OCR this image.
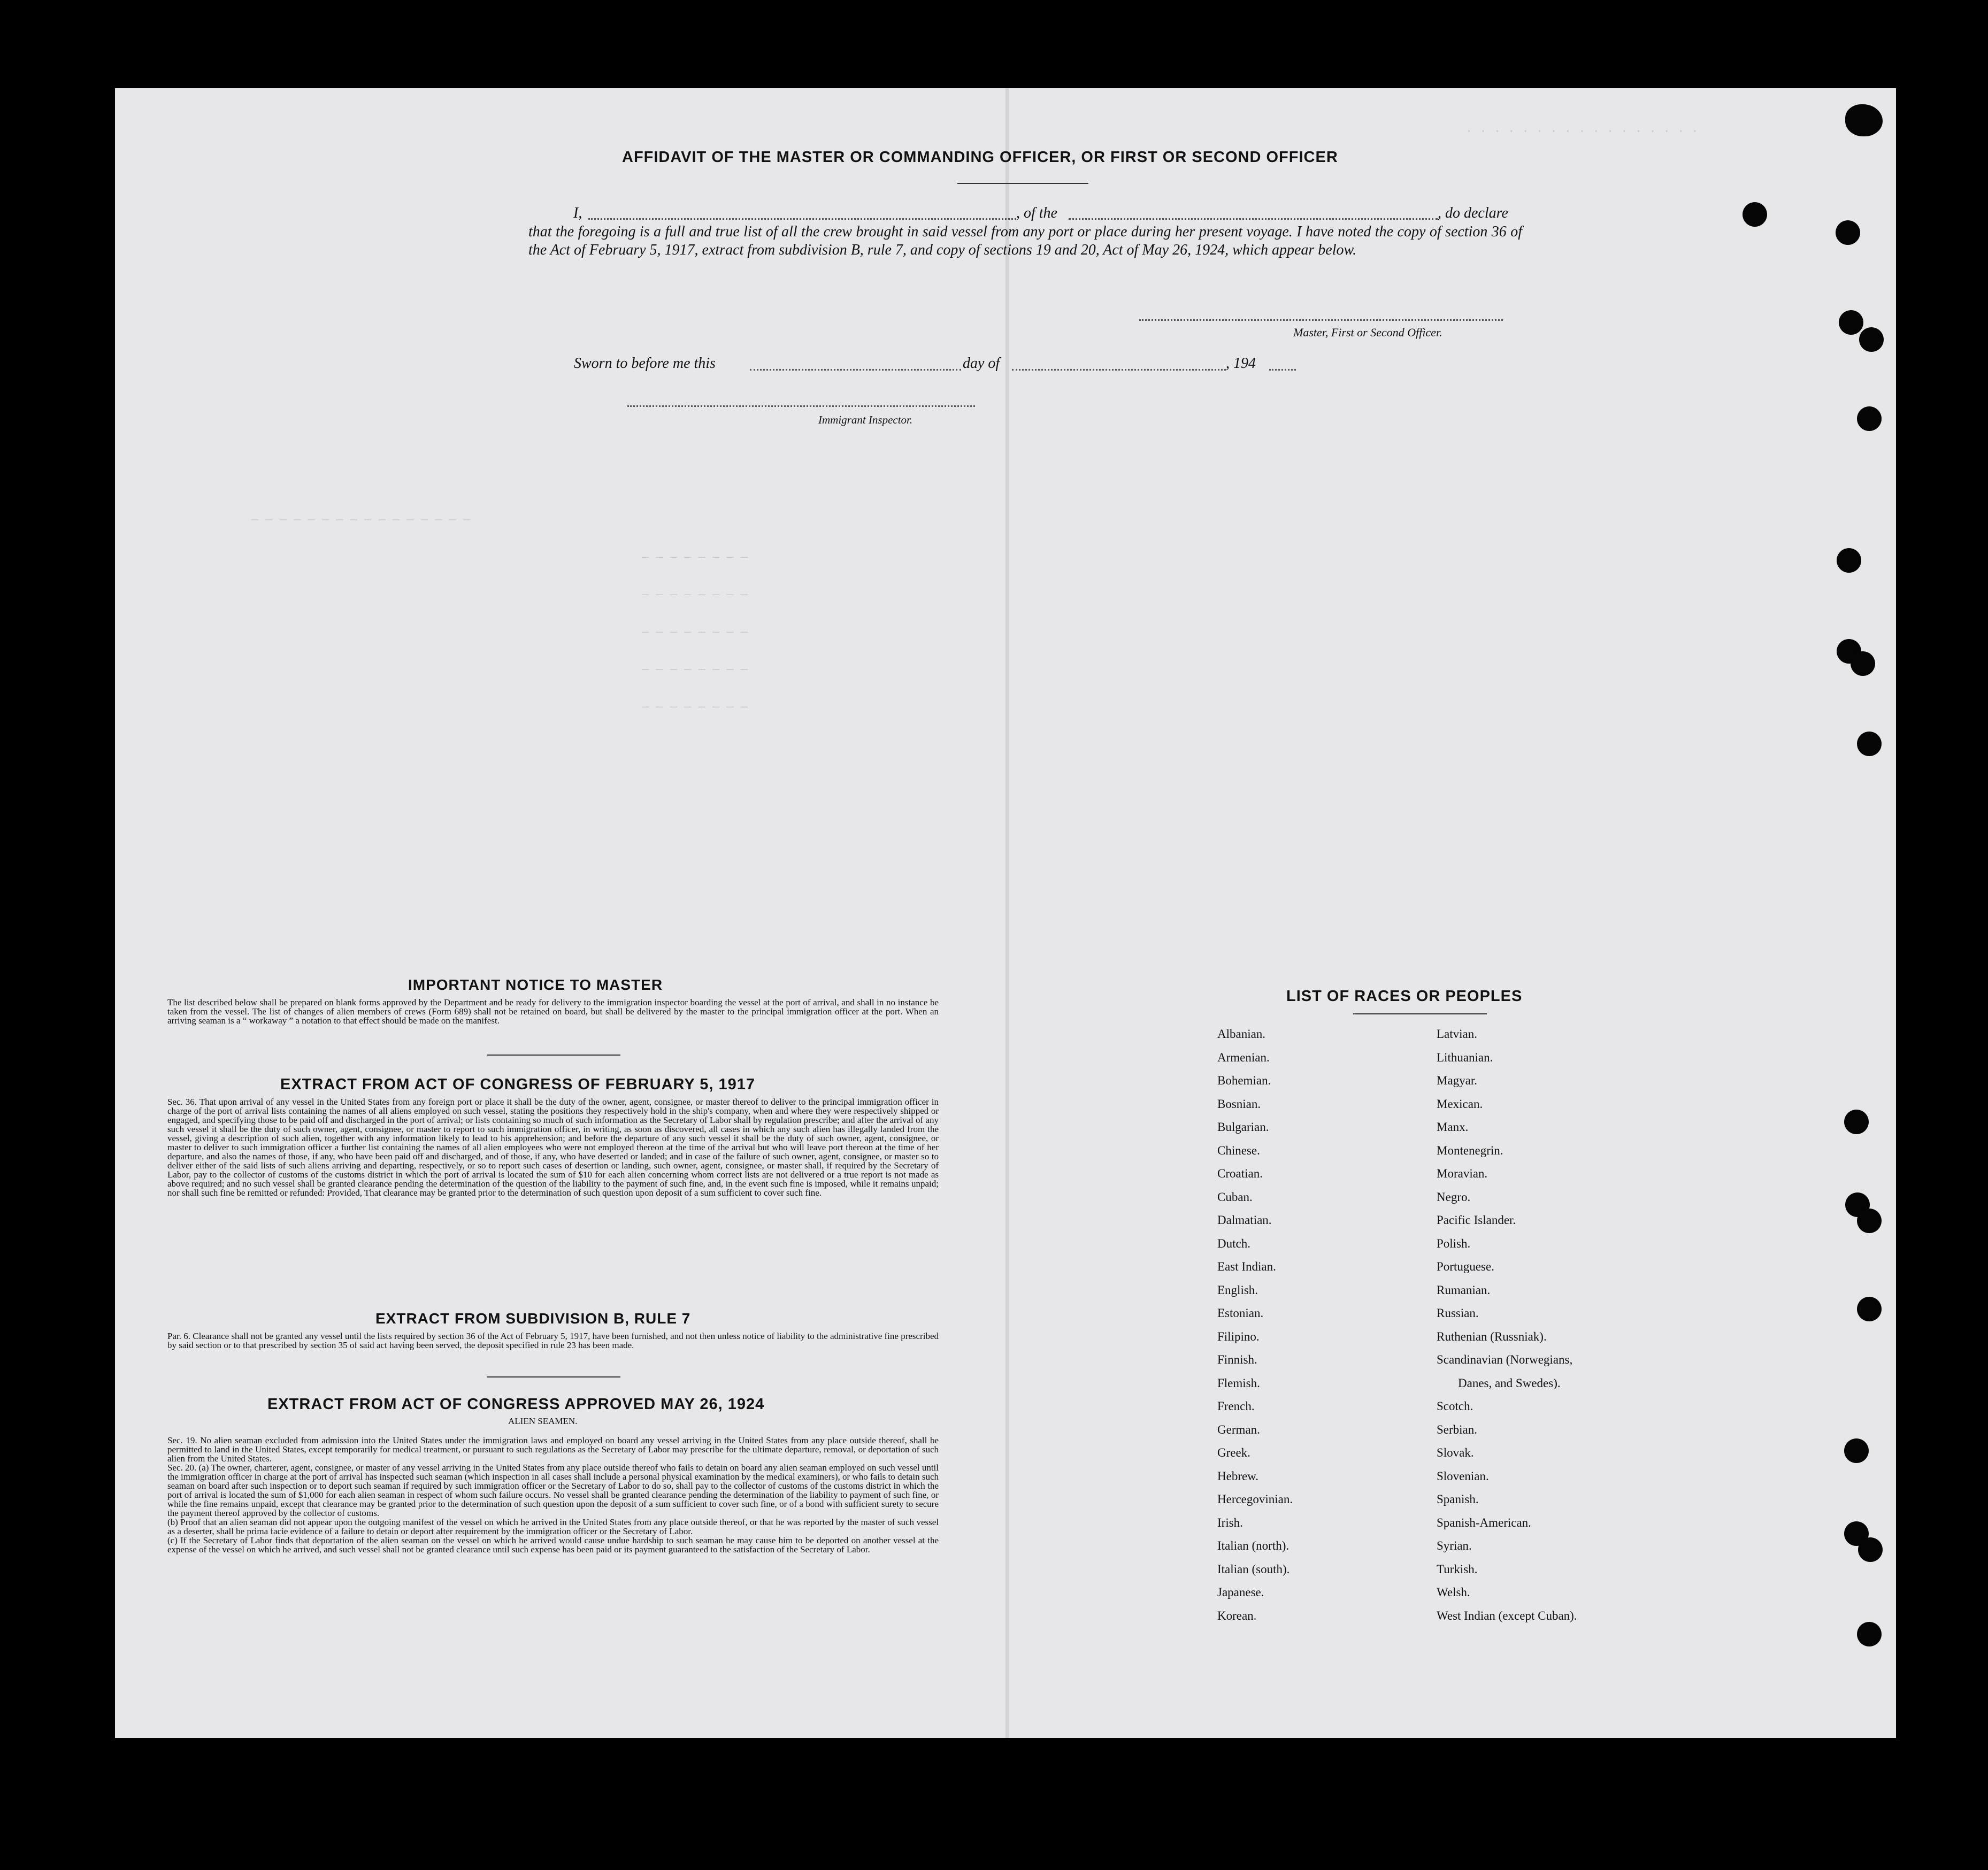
· · · · · · · · · · · · · · · · ·
— — — — — — — — — — — — — — — —
— — — — — — — —
— — — — — — — —
— — — — — — — —
— — — — — — — —
— — — — — — — —
AFFIDAVIT OF THE MASTER OR COMMANDING OFFICER, OR FIRST OR SECOND OFFICER
I,	, of the	, do declare
that the foregoing is a full and true list of all the crew brought in said vessel from any port or place during her present voyage. I have noted the copy of section 36 of the Act of February 5, 1917, extract from subdivision B, rule 7, and copy of sections 19 and 20, Act of May 26, 1924, which appear below.
Master, First or Second Officer.
Sworn to before me this	day of	, 194
Immigrant Inspector.
IMPORTANT NOTICE TO MASTER
The list described below shall be prepared on blank forms approved by the Department and be ready for delivery to the immigration inspector boarding the vessel at the port of arrival, and shall in no instance be taken from the vessel. The list of changes of alien members of crews (Form 689) shall not be retained on board, but shall be delivered by the master to the principal immigration officer at the port. When an arriving seaman is a “ workaway ” a notation to that effect should be made on the manifest.
EXTRACT FROM ACT OF CONGRESS OF FEBRUARY 5, 1917
Sec. 36. That upon arrival of any vessel in the United States from any foreign port or place it shall be the duty of the owner, agent, consignee, or master thereof to deliver to the principal immigration officer in charge of the port of arrival lists containing the names of all aliens employed on such vessel, stating the positions they respectively hold in the ship's company, when and where they were respectively shipped or engaged, and specifying those to be paid off and discharged in the port of arrival; or lists containing so much of such information as the Secretary of Labor shall by regulation prescribe; and after the arrival of any such vessel it shall be the duty of such owner, agent, consignee, or master to report to such immigration officer, in writing, as soon as discovered, all cases in which any such alien has illegally landed from the vessel, giving a description of such alien, together with any information likely to lead to his apprehension; and before the departure of any such vessel it shall be the duty of such owner, agent, consignee, or master to deliver to such immigration officer a further list containing the names of all alien employees who were not employed thereon at the time of the arrival but who will leave port thereon at the time of her departure, and also the names of those, if any, who have been paid off and discharged, and of those, if any, who have deserted or landed; and in case of the failure of such owner, agent, consignee, or master so to deliver either of the said lists of such aliens arriving and departing, respectively, or so to report such cases of desertion or landing, such owner, agent, consignee, or master shall, if required by the Secretary of Labor, pay to the collector of customs of the customs district in which the port of arrival is located the sum of $10 for each alien concerning whom correct lists are not delivered or a true report is not made as above required; and no such vessel shall be granted clearance pending the determination of the question of the liability to the payment of such fine, and, in the event such fine is imposed, while it remains unpaid; nor shall such fine be remitted or refunded: Provided, That clearance may be granted prior to the determination of such question upon deposit of a sum sufficient to cover such fine.
EXTRACT FROM SUBDIVISION B, RULE 7
Par. 6. Clearance shall not be granted any vessel until the lists required by section 36 of the Act of February 5, 1917, have been furnished, and not then unless notice of liability to the administrative fine prescribed by said section or to that prescribed by section 35 of said act having been served, the deposit specified in rule 23 has been made.
EXTRACT FROM ACT OF CONGRESS APPROVED MAY 26, 1924
ALIEN SEAMEN.

Sec. 19. No alien seaman excluded from admission into the United States under the immigration laws and employed on board any vessel arriving in the United States from any place outside thereof, shall be permitted to land in the United States, except temporarily for medical treatment, or pursuant to such regulations as the Secretary of Labor may prescribe for the ultimate departure, removal, or deportation of such alien from the United States.

Sec. 20. (a) The owner, charterer, agent, consignee, or master of any vessel arriving in the United States from any place outside thereof who fails to detain on board any alien seaman employed on such vessel until the immigration officer in charge at the port of arrival has inspected such seaman (which inspection in all cases shall include a personal physical examination by the medical examiners), or who fails to detain such seaman on board after such inspection or to deport such seaman if required by such immigration officer or the Secretary of Labor to do so, shall pay to the collector of customs of the customs district in which the port of arrival is located the sum of $1,000 for each alien seaman in respect of whom such failure occurs. No vessel shall be granted clearance pending the determination of the liability to payment of such fine, or while the fine remains unpaid, except that clearance may be granted prior to the determination of such question upon the deposit of a sum sufficient to cover such fine, or of a bond with sufficient surety to secure the payment thereof approved by the collector of customs.

(b) Proof that an alien seaman did not appear upon the outgoing manifest of the vessel on which he arrived in the United States from any place outside thereof, or that he was reported by the master of such vessel as a deserter, shall be prima facie evidence of a failure to detain or deport after requirement by the immigration officer or the Secretary of Labor.

(c) If the Secretary of Labor finds that deportation of the alien seaman on the vessel on which he arrived would cause undue hardship to such seaman he may cause him to be deported on another vessel at the expense of the vessel on which he arrived, and such vessel shall not be granted clearance until such expense has been paid or its payment guaranteed to the satisfaction of the Secretary of Labor.

LIST OF RACES OR PEOPLES
Albanian.
Armenian.
Bohemian.
Bosnian.
Bulgarian.
Chinese.
Croatian.
Cuban.
Dalmatian.
Dutch.
East Indian.
English.
Estonian.
Filipino.
Finnish.
Flemish.
French.
German.
Greek.
Hebrew.
Hercegovinian.
Irish.
Italian (north).
Italian (south).
Japanese.
Korean.
Latvian.
Lithuanian.
Magyar.
Mexican.
Manx.
Montenegrin.
Moravian.
Negro.
Pacific Islander.
Polish.
Portuguese.
Rumanian.
Russian.
Ruthenian (Russniak).
Scandinavian (Norwegians,
Danes, and Swedes).
Scotch.
Serbian.
Slovak.
Slovenian.
Spanish.
Spanish-American.
Syrian.
Turkish.
Welsh.
West Indian (except Cuban).
